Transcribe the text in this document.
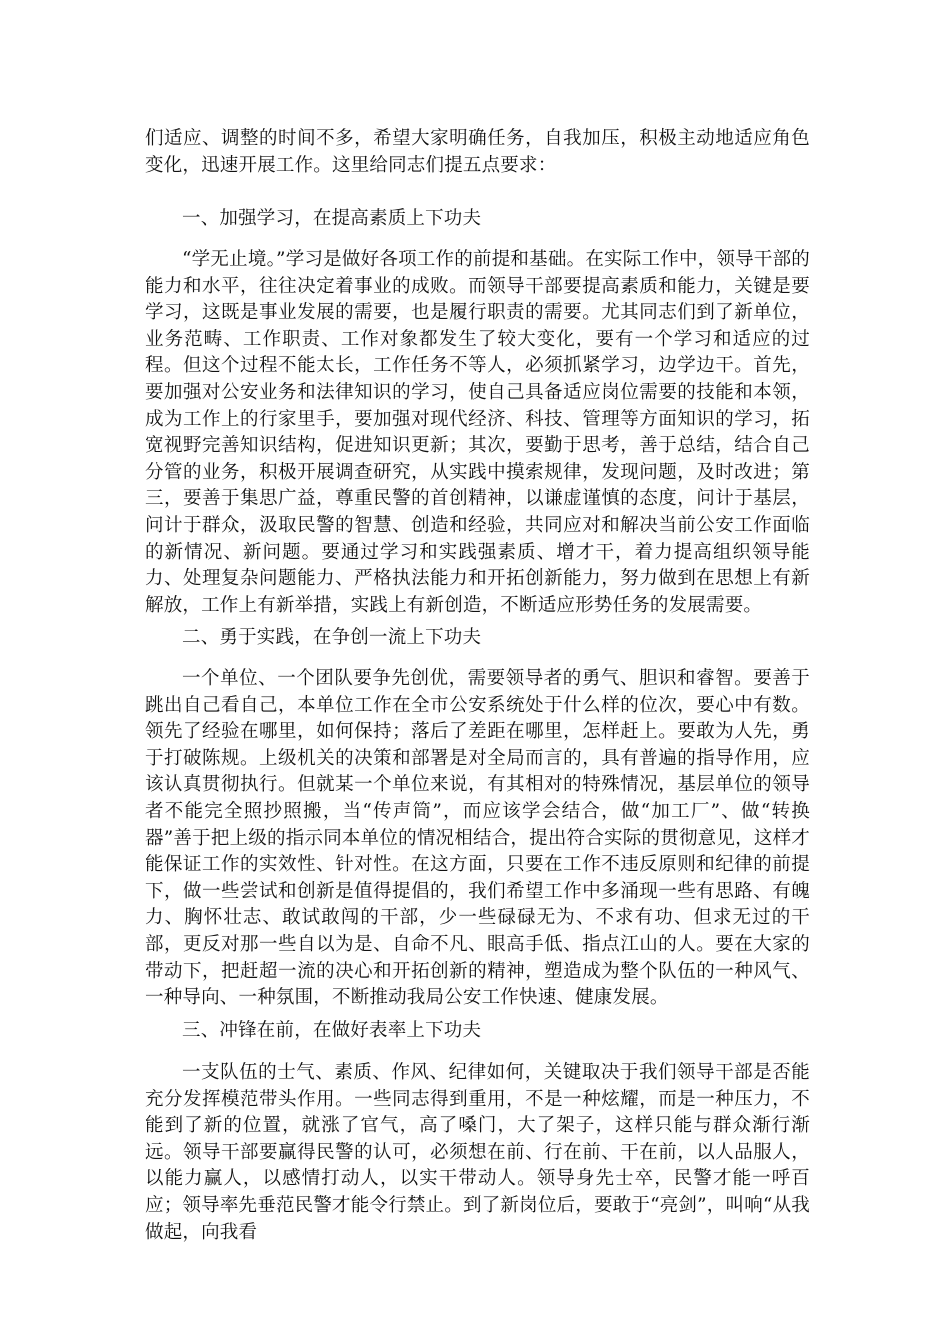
们适应、调整的时间不多，希望大家明确任务，自我加压，积极主动地适应角色变化，迅速开展工作。这里给同志们提五点要求：

一、加强学习，在提高素质上下功夫

“学无止境。”学习是做好各项工作的前提和基础。在实际工作中，领导干部的能力和水平，往往决定着事业的成败。而领导干部要提高素质和能力，关键是要学习，这既是事业发展的需要，也是履行职责的需要。尤其同志们到了新单位，业务范畴、工作职责、工作对象都发生了较大变化，要有一个学习和适应的过程。但这个过程不能太长，工作任务不等人，必须抓紧学习，边学边干。首先，要加强对公安业务和法律知识的学习，使自己具备适应岗位需要的技能和本领，成为工作上的行家里手，要加强对现代经济、科技、管理等方面知识的学习，拓宽视野完善知识结构，促进知识更新；其次，要勤于思考，善于总结，结合自己分管的业务，积极开展调查研究，从实践中摸索规律，发现问题，及时改进；第三，要善于集思广益，尊重民警的首创精神，以谦虚谨慎的态度，问计于基层，问计于群众，汲取民警的智慧、创造和经验，共同应对和解决当前公安工作面临的新情况、新问题。要通过学习和实践强素质、增才干，着力提高组织领导能力、处理复杂问题能力、严格执法能力和开拓创新能力，努力做到在思想上有新解放，工作上有新举措，实践上有新创造，不断适应形势任务的发展需要。

二、勇于实践，在争创一流上下功夫

一个单位、一个团队要争先创优，需要领导者的勇气、胆识和睿智。要善于跳出自己看自己，本单位工作在全市公安系统处于什么样的位次，要心中有数。领先了经验在哪里，如何保持；落后了差距在哪里，怎样赶上。要敢为人先，勇于打破陈规。上级机关的决策和部署是对全局而言的，具有普遍的指导作用，应该认真贯彻执行。但就某一个单位来说，有其相对的特殊情况，基层单位的领导者不能完全照抄照搬，当“传声筒”，而应该学会结合，做“加工厂”、做“转换器”善于把上级的指示同本单位的情况相结合，提出符合实际的贯彻意见，这样才能保证工作的实效性、针对性。在这方面，只要在工作不违反原则和纪律的前提下，做一些尝试和创新是值得提倡的，我们希望工作中多涌现一些有思路、有魄力、胸怀壮志、敢试敢闯的干部，少一些碌碌无为、不求有功、但求无过的干部，更反对那一些自以为是、自命不凡、眼高手低、指点江山的人。要在大家的带动下，把赶超一流的决心和开拓创新的精神，塑造成为整个队伍的一种风气、一种导向、一种氛围，不断推动我局公安工作快速、健康发展。

三、冲锋在前，在做好表率上下功夫

一支队伍的士气、素质、作风、纪律如何，关键取决于我们领导干部是否能充分发挥模范带头作用。一些同志得到重用，不是一种炫耀，而是一种压力，不能到了新的位置，就涨了官气，高了嗓门，大了架子，这样只能与群众渐行渐远。领导干部要赢得民警的认可，必须想在前、行在前、干在前，以人品服人，以能力赢人，以感情打动人，以实干带动人。领导身先士卒，民警才能一呼百应；领导率先垂范民警才能令行禁止。到了新岗位后，要敢于“亮剑”，叫响“从我做起，向我看
